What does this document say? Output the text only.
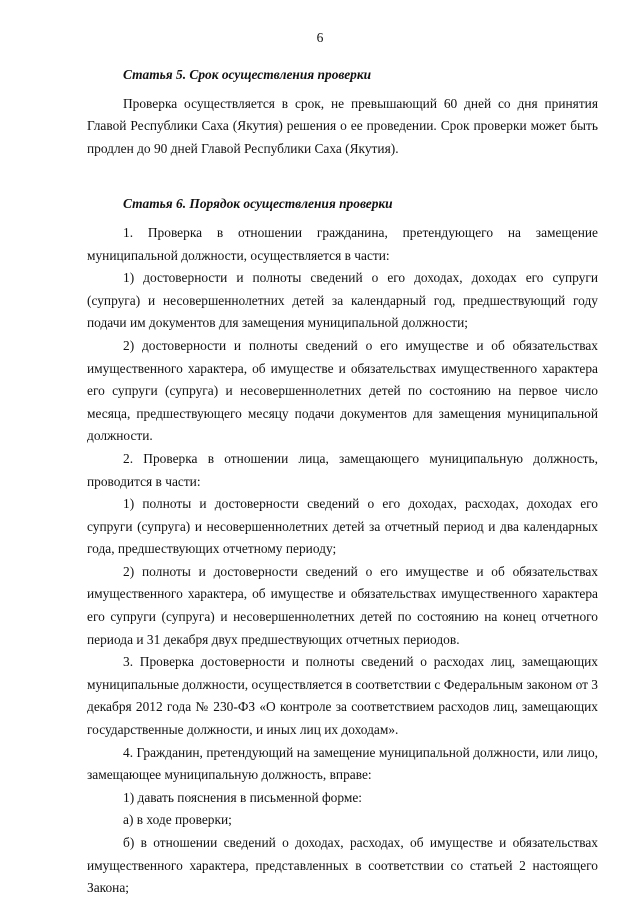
6

Статья 5. Срок осуществления проверки

Проверка осуществляется в срок, не превышающий 60 дней со дня принятия Главой Республики Саха (Якутия) решения о ее проведении. Срок проверки может быть продлен до 90 дней Главой Республики Саха (Якутия).

Статья 6. Порядок осуществления проверки

1. Проверка в отношении гражданина, претендующего на замещение муниципальной должности, осуществляется в части:

1) достоверности и полноты сведений о его доходах, доходах его супруги (супруга) и несовершеннолетних детей за календарный год, предшествующий году подачи им документов для замещения муниципальной должности;

2) достоверности и полноты сведений о его имуществе и об обязательствах имущественного характера, об имуществе и обязательствах имущественного характера его супруги (супруга) и несовершеннолетних детей по состоянию на первое число месяца, предшествующего месяцу подачи документов для замещения муниципальной должности.

2. Проверка в отношении лица, замещающего муниципальную должность, проводится в части:

1) полноты и достоверности сведений о его доходах, расходах, доходах его супруги (супруга) и несовершеннолетних детей за отчетный период и два календарных года, предшествующих отчетному периоду;

2) полноты и достоверности сведений о его имуществе и об обязательствах имущественного характера, об имуществе и обязательствах имущественного характера его супруги (супруга) и несовершеннолетних детей по состоянию на конец отчетного периода и 31 декабря двух предшествующих отчетных периодов.

3. Проверка достоверности и полноты сведений о расходах лиц, замещающих муниципальные должности, осуществляется в соответствии с Федеральным законом от 3 декабря 2012 года № 230-ФЗ «О контроле за соответствием расходов лиц, замещающих государственные должности, и иных лиц их доходам».

4. Гражданин, претендующий на замещение муниципальной должности, или лицо, замещающее муниципальную должность, вправе:

1) давать пояснения в письменной форме:

а) в ходе проверки;

б) в отношении сведений о доходах, расходах, об имуществе и обязательствах имущественного характера, представленных в соответствии со статьей 2 настоящего Закона;
